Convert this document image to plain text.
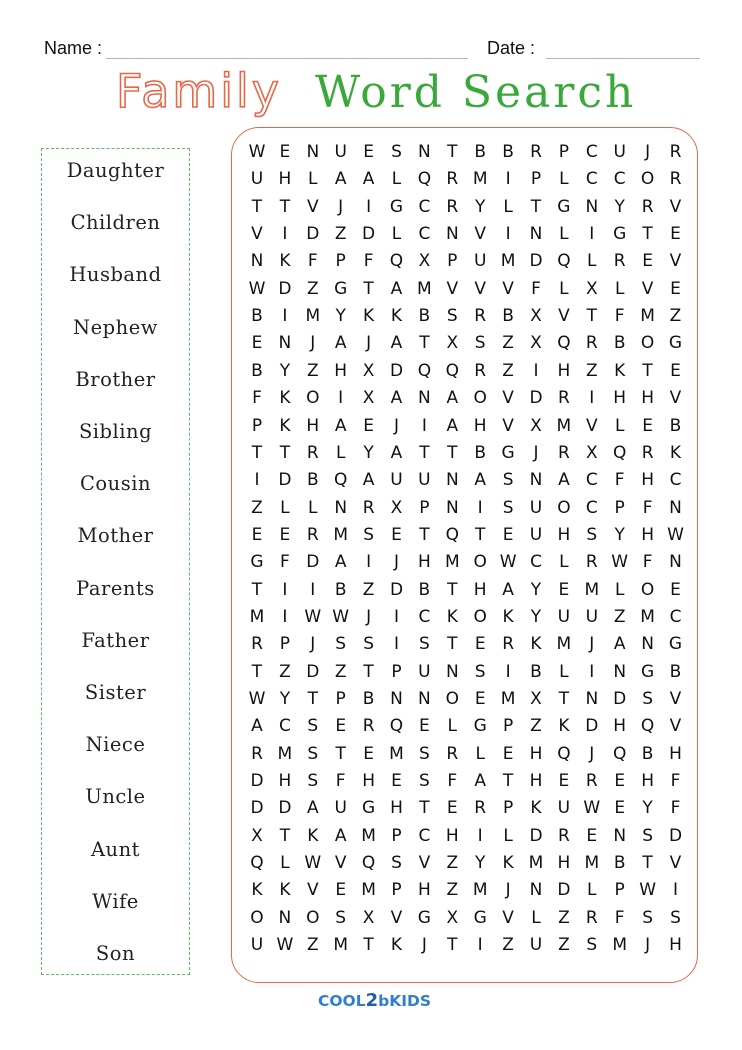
Name :	Date :
Family Word Search
Daughter
Children
Husband
Nephew
Brother
Sibling
Cousin
Mother
Parents
Father
Sister
Niece
Uncle
Aunt
Wife
Son
W E N U E	S N T B B R P C U	J	R
U H L	A A	L Q R M	I	P	L	C C O R
T	T V	J	I	G C R Y	L	T G N Y R V
V	I	D Z D L	C N V	I	N L	I	G T	E
N K	F	P	F Q X P U M D Q L	R E V
W D Z G T A M V V V	F	L	X	L	V E
B	I	M Y	K K B S R B X V T	F M Z
E N	J	A	J	A T X S Z X Q R B O G
B Y Z H X D Q Q R Z	I	H Z K	T	E
F	K O	I	X A N A O V D R	I	H H V
P	K H A E	J	I	A H V X M V	L	E B
T	T R	L	Y A T	T B G	J	R X Q R K
I	D B Q A U U N A S N A C	F H C
Z	L	L N R X P N	I	S U O C P	F N
E	E R M S	E	T Q T	E U H S	Y H W
G F D A	I	J	H M O W C	L	R W F N
T	I	I	B Z D B T H A Y	E M L O E
M	I	W W J	I	C K O K	Y U U Z M C
R P	J	S	S	I	S	T	E R K M	J	A N G
T Z D Z T	P U N S	I	B	L	I	N G B
W Y	T	P B N N O E M X T N D S V
A C S	E R Q E	L G P Z K D H Q V
R M S	T	E M S R	L	E H Q	J	Q B H
D H S	F H E	S	F	A T H E R E H F
D D A U G H T	E R P	K U W E	Y	F
X T	K A M P C H	I	L D R E N S D
Q L W V Q S V Z Y	K M H M B T V
K K V E M P H Z M	J	N D L	P W I
O N O S X V G X G V	L	Z R	F	S	S
U W Z M T	K	J	T	I	Z U Z S M	J	H
COOL2bKIDS
